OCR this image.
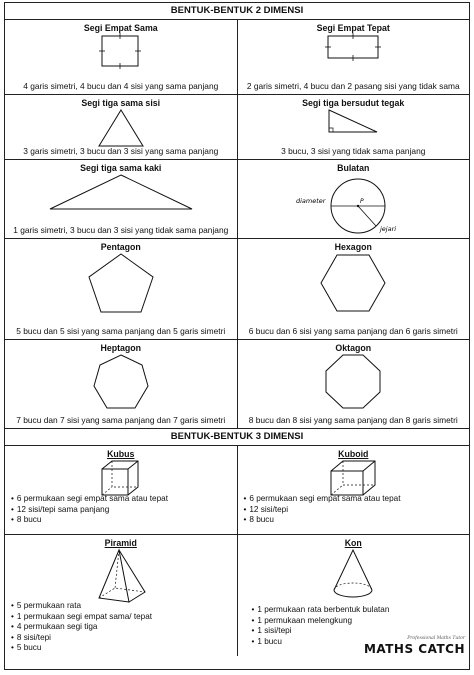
BENTUK-BENTUK 2 DIMENSI
Segi Empat Sama
4 garis simetri, 4 bucu dan 4 sisi yang sama panjang
Segi Empat Tepat
2 garis simetri, 4 bucu dan 2 pasang sisi yang tidak sama
Segi tiga sama sisi
3 garis simetri, 3 bucu dan 3 sisi yang sama panjang
Segi tiga bersudut tegak
3 bucu, 3 sisi yang tidak sama panjang
Segi tiga sama kaki
1 garis simetri, 3 bucu dan 3 sisi yang tidak sama panjang
Bulatan
P
diameter
jejari
Pentagon
5 bucu dan 5 sisi yang sama panjang dan 5 garis simetri
Hexagon
6 bucu dan 6 sisi yang sama panjang dan 6 garis simetri
Heptagon
7 bucu dan 7 sisi yang sama panjang dan 7 garis simetri
Oktagon
8 bucu dan 8 sisi yang sama panjang dan 8 garis simetri
BENTUK-BENTUK 3 DIMENSI
Kubus
• 6 permukaan segi empat sama atau tepat
• 12 sisi/tepi sama panjang
• 8 bucu
Kuboid
• 6 permukaan segi empat sama atau tepat
• 12 sisi/tepi
• 8 bucu
Piramid
• 5 permukaan rata
• 1 permukaan segi empat sama/ tepat
• 4 permukaan segi tiga
• 8 sisi/tepi
• 5 bucu
Kon
• 1 permukaan rata berbentuk bulatan
• 1 permukaan melengkung
• 1 sisi/tepi
• 1 bucu	Professional Maths Tutor
MATHS CATCH
